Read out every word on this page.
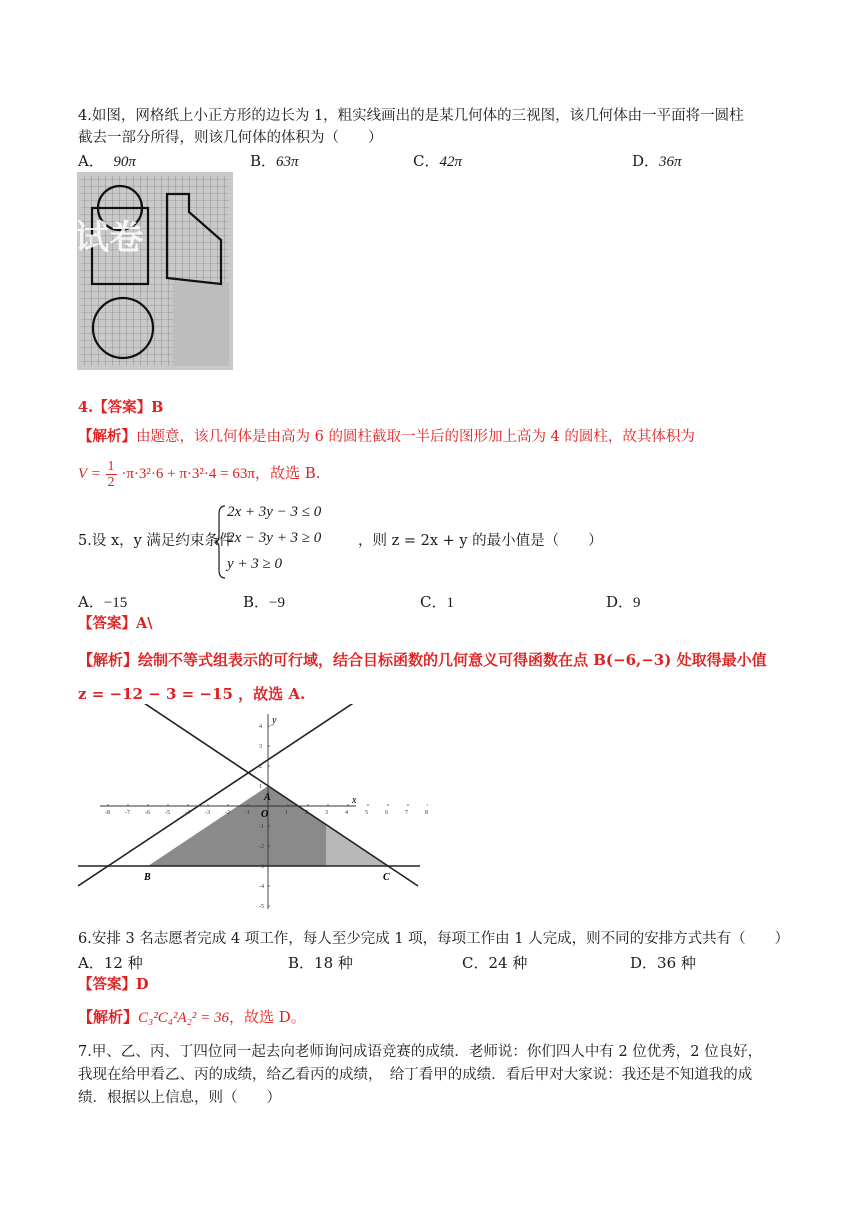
4.如图，网格纸上小正方形的边长为 1，粗实线画出的是某几何体的三视图，该几何体由一平面将一圆柱
截去一部分所得，则该几何体的体积为（　　）
A． 90π	B．63π	C．42π	D．36π
试卷
4.【答案】B
【解析】由题意，该几何体是由高为 6 的圆柱截取一半后的图形加上高为 4 的圆柱，故其体积为
$V = \frac{1}{2} \cdot\pi\cdot 3^2\cdot 6 + \pi\cdot 3^2\cdot 4 = 63\pi$，故选 B.
5.设 x，y 满足约束条件
2x + 3y − 3 ≤ 0
2x − 3y + 3 ≥ 0
y + 3 ≥ 0
，则 z = 2x + y 的最小值是（　　）
A．−15	B．−9	C．1	D．9
【答案】A\
【解析】绘制不等式组表示的可行域，结合目标函数的几何意义可得函数在点 B(−6,−3) 处取得最小值
z = −12 − 3 = −15 ，故选 A.
-8	-7	-6	-5	-4	-3	-2	-1	1	2	3	4	5	6	7	8
4
3
2
1
-1
-2
-3
-4
-5
x
y
O
A
B	C
6.安排 3 名志愿者完成 4 项工作，每人至少完成 1 项，每项工作由 1 人完成，则不同的安排方式共有（　　）
A．12 种	B．18 种	C．24 种	D．36 种
【答案】D
【解析】C₃²C₄²A₂² = 36，故选 D。
7.甲、乙、丙、丁四位同一起去向老师询问成语竞赛的成绩．老师说：你们四人中有 2 位优秀，2 位良好，
我现在给甲看乙、丙的成绩，给乙看丙的成绩，　给丁看甲的成绩．看后甲对大家说：我还是不知道我的成
绩．根据以上信息，则（　　）
